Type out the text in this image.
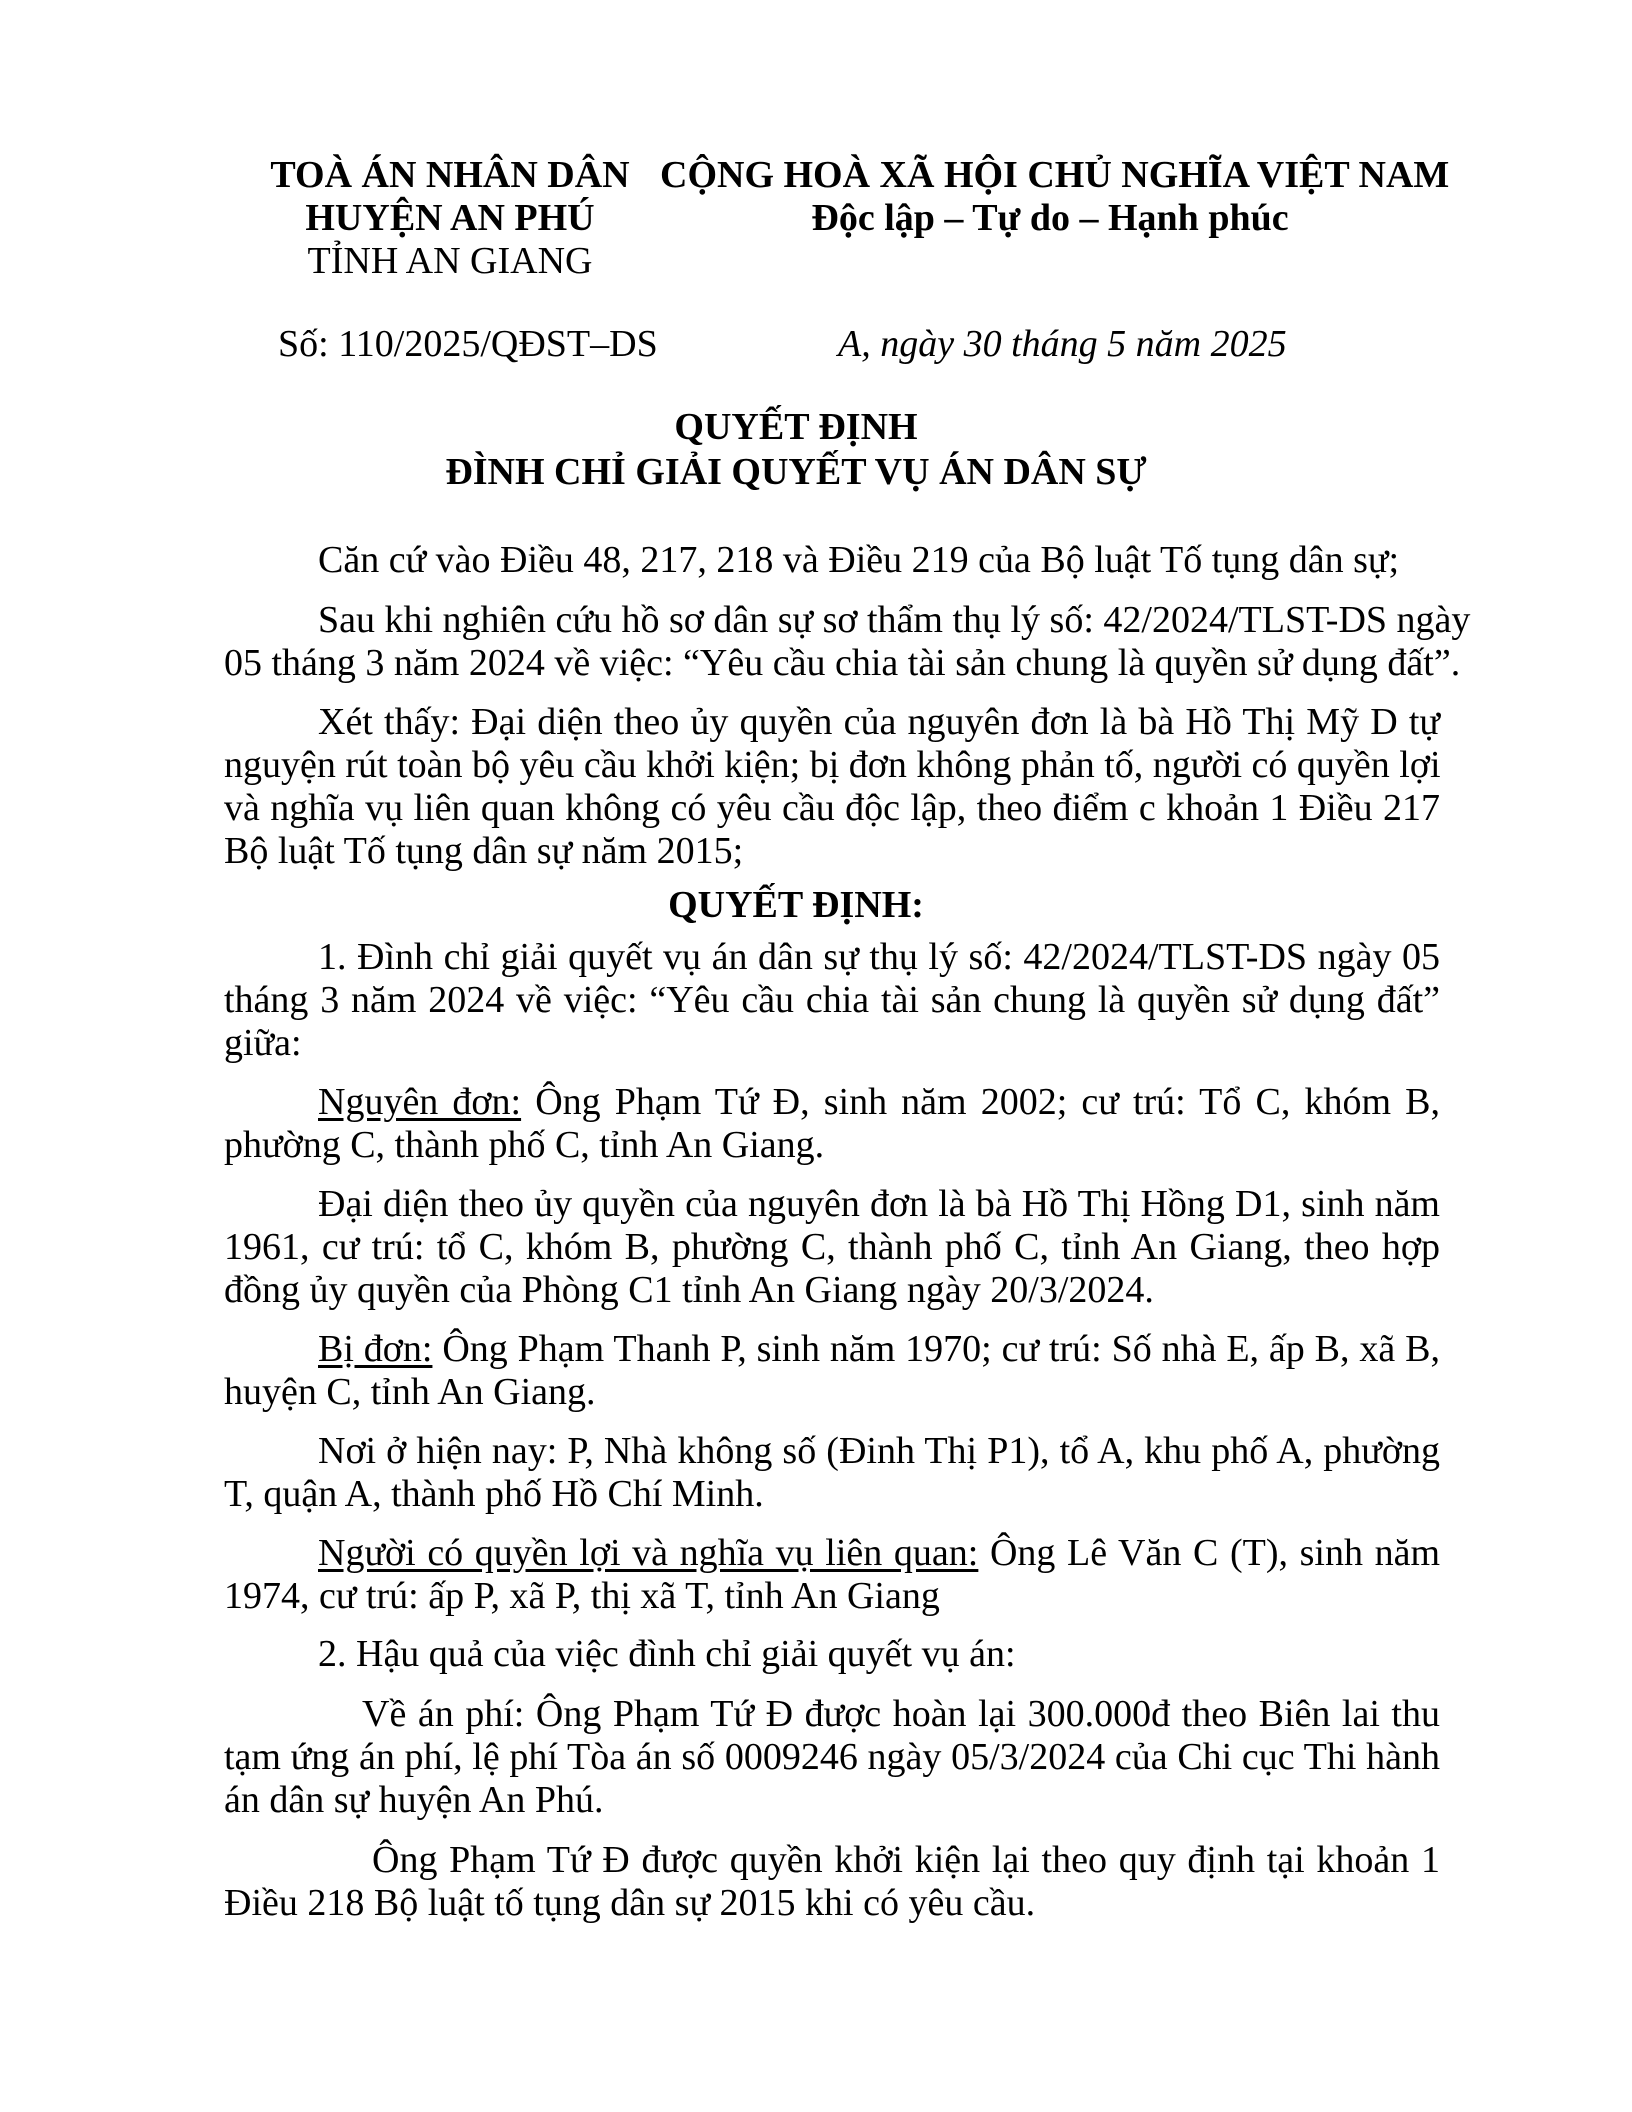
TOÀ ÁN NHÂN DÂN
HUYỆN AN PHÚ
TỈNH AN GIANG
CỘNG HOÀ XÃ HỘI CHỦ NGHĨA VIỆT NAM
Độc lập – Tự do – Hạnh phúc
Số: 110/2025/QĐST–DS	A, ngày 30 tháng 5 năm 2025
QUYẾT ĐỊNH
ĐÌNH CHỈ GIẢI QUYẾT VỤ ÁN DÂN SỰ
Căn cứ vào Điều 48, 217, 218 và Điều 219 của Bộ luật Tố tụng dân sự;
Sau khi nghiên cứu hồ sơ dân sự sơ thẩm thụ lý số: 42/2024/TLST-DS ngày
05 tháng 3 năm 2024 về việc: “Yêu cầu chia tài sản chung là quyền sử dụng đất”.
Xét thấy: Đại diện theo ủy quyền của nguyên đơn là bà Hồ Thị Mỹ D tự
nguyện rút toàn bộ yêu cầu khởi kiện; bị đơn không phản tố, người có quyền lợi
và nghĩa vụ liên quan không có yêu cầu độc lập, theo điểm c khoản 1 Điều 217
Bộ luật Tố tụng dân sự năm 2015;
QUYẾT ĐỊNH:
1. Đình chỉ giải quyết vụ án dân sự thụ lý số: 42/2024/TLST-DS ngày 05
tháng 3 năm 2024 về việc: “Yêu cầu chia tài sản chung là quyền sử dụng đất”
giữa:
Nguyên đơn: Ông Phạm Tứ Đ, sinh năm 2002; cư trú: Tổ C, khóm B,
phường C, thành phố C, tỉnh An Giang.
Đại diện theo ủy quyền của nguyên đơn là bà Hồ Thị Hồng D1, sinh năm
1961, cư trú: tổ C, khóm B, phường C, thành phố C, tỉnh An Giang, theo hợp
đồng ủy quyền của Phòng C1 tỉnh An Giang ngày 20/3/2024.
Bị đơn: Ông Phạm Thanh P, sinh năm 1970; cư trú: Số nhà E, ấp B, xã B,
huyện C, tỉnh An Giang.
Nơi ở hiện nay: P, Nhà không số (Đinh Thị P1), tổ A, khu phố A, phường
T, quận A, thành phố Hồ Chí Minh.
Người có quyền lợi và nghĩa vụ liên quan: Ông Lê Văn C (T), sinh năm
1974, cư trú: ấp P, xã P, thị xã T, tỉnh An Giang
2. Hậu quả của việc đình chỉ giải quyết vụ án:
Về án phí: Ông Phạm Tứ Đ được hoàn lại 300.000đ theo Biên lai thu
tạm ứng án phí, lệ phí Tòa án số 0009246 ngày 05/3/2024 của Chi cục Thi hành
án dân sự huyện An Phú.
Ông Phạm Tứ Đ được quyền khởi kiện lại theo quy định tại khoản 1
Điều 218 Bộ luật tố tụng dân sự 2015 khi có yêu cầu.
